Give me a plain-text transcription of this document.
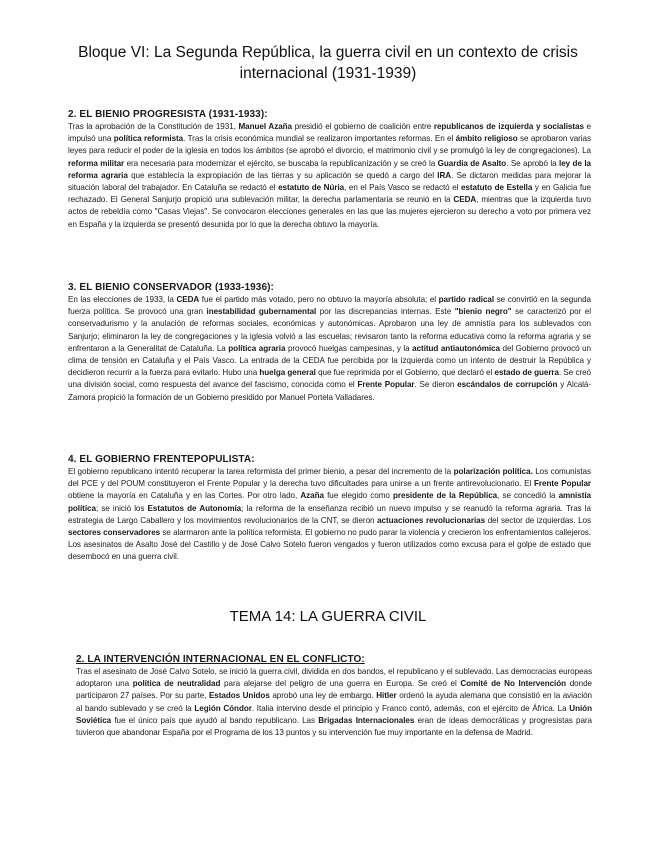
Bloque VI: La Segunda República, la guerra civil en un contexto de crisis internacional (1931-1939)
2. EL BIENIO PROGRESISTA (1931-1933):

Tras la aprobación de la Constitución de 1931, Manuel Azaña presidió el gobierno de coalición entre republicanos de izquierda y socialistas e impulsó una política reformista. Tras la crisis económica mundial se realizaron importantes reformas. En el ámbito religioso se aprobaron varias leyes para reducir el poder de la iglesia en todos los ámbitos (se aprobó el divorcio, el matrimonio civil y se promulgó la ley de congregaciones). La reforma militar era necesaria para modernizar el ejército, se buscaba la republicanización y se creó la Guardia de Asalto. Se aprobó la ley de la reforma agraria que establecía la expropiación de las tierras y su aplicación se quedó a cargo del IRA. Se dictaron medidas para mejorar la situación laboral del trabajador. En Cataluña se redactó el estatuto de Núria, en el País Vasco se redactó el estatuto de Estella y en Galicia fue rechazado. El General Sanjurjo propició una sublevación militar, la derecha parlamentaria se reunió en la CEDA, mientras que la izquierda tuvo actos de rebeldía como "Casas Viejas". Se convocaron elecciones generales en las que las mujeres ejercieron su derecho a voto por primera vez en España y la izquierda se presentó desunida por lo que la derecha obtuvo la mayoría.

3. EL BIENIO CONSERVADOR (1933-1936):

En las elecciones de 1933, la CEDA fue el partido más votado, pero no obtuvo la mayoría absoluta; el partido radical se convirtió en la segunda fuerza política. Se provocó una gran inestabilidad gubernamental por las discrepancias internas. Este "bienio negro" se caracterizó por el conservadurismo y la anulación de reformas sociales, económicas y autonómicas. Aprobaron una ley de amnistía para los sublevados con Sanjurjo; eliminaron la ley de congregaciones y la iglesia volvió a las escuelas; revisaron tanto la reforma educativa como la reforma agraria y se enfrentaron a la Generalitat de Cataluña. La política agraria provocó huelgas campesinas, y la actitud antiautonómica del Gobierno provocó un clima de tensión en Cataluña y el País Vasco. La entrada de la CEDA fue percibida por la izquierda como un intento de destruir la República y decidieron recurrir a la fuerza para evitarlo. Hubo una huelga general que fue reprimida por el Gobierno, que declaró el estado de guerra. Se creó una división social, como respuesta del avance del fascismo, conocida como el Frente Popular. Se dieron escándalos de corrupción y Alcalá-Zamora propició la formación de un Gobierno presidido por Manuel Portela Valladares.

4. EL GOBIERNO FRENTEPOPULISTA:

El gobierno republicano intentó recuperar la tarea reformista del primer bienio, a pesar del incremento de la polarización política. Los comunistas del PCE y del POUM constituyeron el Frente Popular y la derecha tuvo dificultades para unirse a un frente antirevolucionario. El Frente Popular obtiene la mayoría en Cataluña y en las Cortes. Por otro lado, Azaña fue elegido como presidente de la República, se concedió la amnistía política; se inició los Estatutos de Autonomía; la reforma de la enseñanza recibió un nuevo impulso y se reanudó la reforma agraria. Tras la estrategia de Largo Caballero y los movimientos revolucionarios de la CNT, se dieron actuaciones revolucionarias del sector de izquierdas. Los sectores conservadores se alarmaron ante la política reformista. El gobierno no pudo parar la violencia y crecieron los enfrentamientos callejeros. Los asesinatos de Asalto José del Castillo y de José Calvo Sotelo fueron vengados y fueron utilizados como excusa para el golpe de estado que desembocó en una guerra civil.

TEMA 14: LA GUERRA CIVIL
2. LA INTERVENCIÓN INTERNACIONAL EN EL CONFLICTO:

Tras el asesinato de José Calvo Sotelo, se inició la guerra civil, dividida en dos bandos, el republicano y el sublevado. Las democracias europeas adoptaron una política de neutralidad para alejarse del peligro de una guerra en Europa. Se creó el Comité de No Intervención donde participaron 27 países. Por su parte, Estados Unidos aprobó una ley de embargo. Hitler ordenó la ayuda alemana que consistió en la aviación al bando sublevado y se creó la Legión Cóndor. Italia intervino desde el principio y Franco contó, además, con el ejército de África. La Unión Soviética fue el único país que ayudó al bando republicano. Las Brigadas Internacionales eran de ideas democráticas y progresistas para tuvieron que abandonar España por el Programa de los 13 puntos y su intervención fue muy importante en la defensa de Madrid.
